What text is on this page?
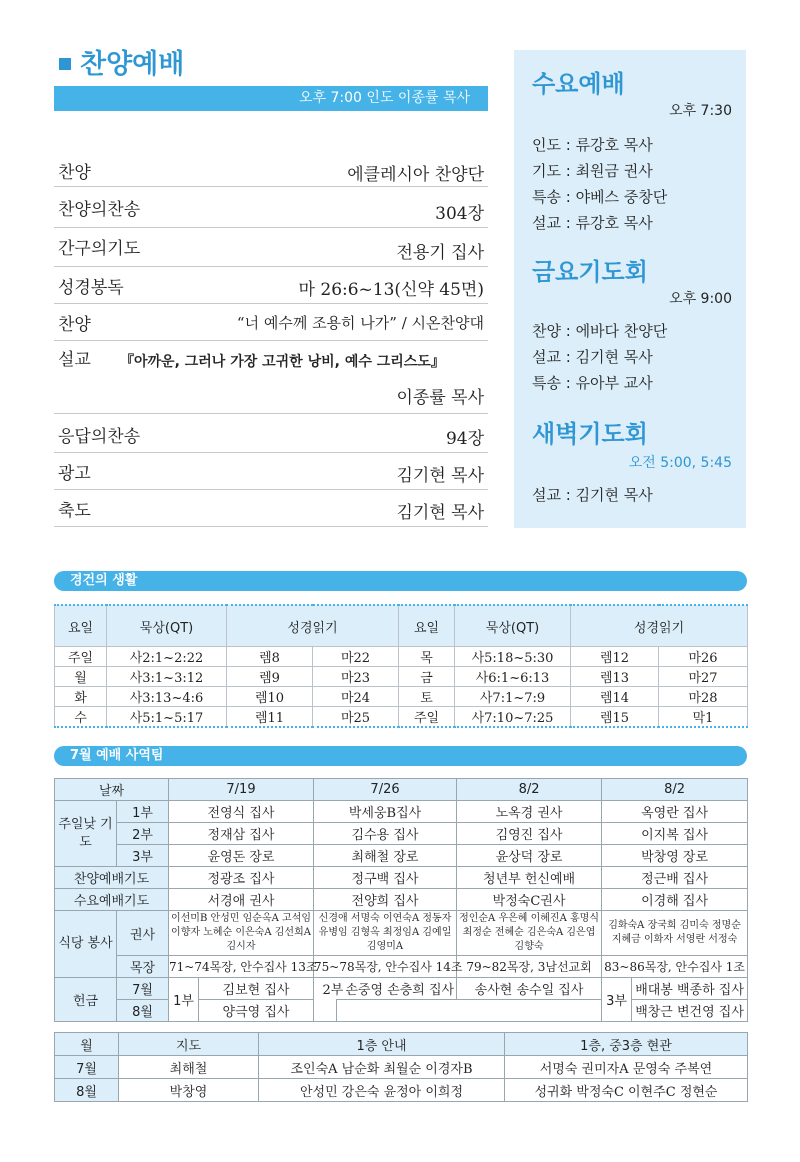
찬양예배
오후 7:00 인도 이종률 목사
찬양	에클레시아 찬양단
찬양의찬송	304장
간구의기도	전용기 집사
성경봉독	마 26:6~13(신약 45면)
찬양	“너 예수께 조용히 나가” / 시온찬양대
설교 『아까운, 그러나 가장 고귀한 낭비, 예수 그리스도』
이종률 목사
응답의찬송	94장
광고	김기현 목사
축도	김기현 목사
수요예배
오후 7:30
인도 : 류강호 목사
기도 : 최원금 권사
특송 : 야베스 중창단
설교 : 류강호 목사
금요기도회
오후 9:00
찬양 : 에바다 찬양단
설교 : 김기현 목사
특송 : 유아부 교사
새벽기도회
오전 5:00, 5:45
설교 : 김기현 목사
경건의 생활
요일	묵상(QT)	성경읽기		요일	묵상(QT)	성경읽기	
주일	사2:1~2:22	렘8	마22	목	사5:18~5:30	렘12	마26
월	사3:1~3:12	렘9	마23	금	사6:1~6:13	렘13	마27
화	사3:13~4:6	렘10	마24	토	사7:1~7:9	렘14	마28
수	사5:1~5:17	렘11	마25	주일	사7:10~7:25	렘15	막1
7월 예배 사역팀
날짜		7/19		7/26		8/2	8/2	
주일낮 기도	1부	전영식 집사		박세웅B집사		노옥경 권사	옥영란 집사	
	2부	정재삼 집사		김수용 집사		김영진 집사	이지복 집사	
	3부	윤영돈 장로		최해철 장로		윤상덕 장로	박창영 장로	
찬양예배기도		정광조 집사		정구백 집사		청년부 헌신예배	정근배 집사	
수요예배기도		서경애 권사		전양희 집사		박정숙C권사	이경해 집사	
식당 봉사	권사	이선미B 안성민 임순옥A 고석임 이향자 노혜순 이은숙A 김선희A 김시자		신경애 서명숙 이연숙A 정동자 유병임 김형옥 최정임A 김예일 김영미A		정인순A 우은혜 이혜진A 홍명식 최정순 전혜순 김은숙A 김은엽 김향숙	김화숙A 장국희 김미숙 정명순 지혜금 이화자 서영란 서정숙	
	목장	71~74목장, 안수집사 13조		75~78목장, 안수집사 14조		79~82목장, 3남선교회	83~86목장, 안수집사 1조	
헌금	7월	1부	김보현 집사		2부 손중영 손충희 집사	송사현 송수일 집사	3부	배대봉 백종하 집사
	8월		양극영 집사					백창근 변건영 집사
월	지도	1층 안내	1층, 중3층 현관
7월	최해철	조인숙A 남순화 최월순 이경자B	서명숙 권미자A 문영숙 주복연
8월	박창영	안성민 강은숙 윤정아 이희정	성귀화 박정숙C 이현주C 정현순
